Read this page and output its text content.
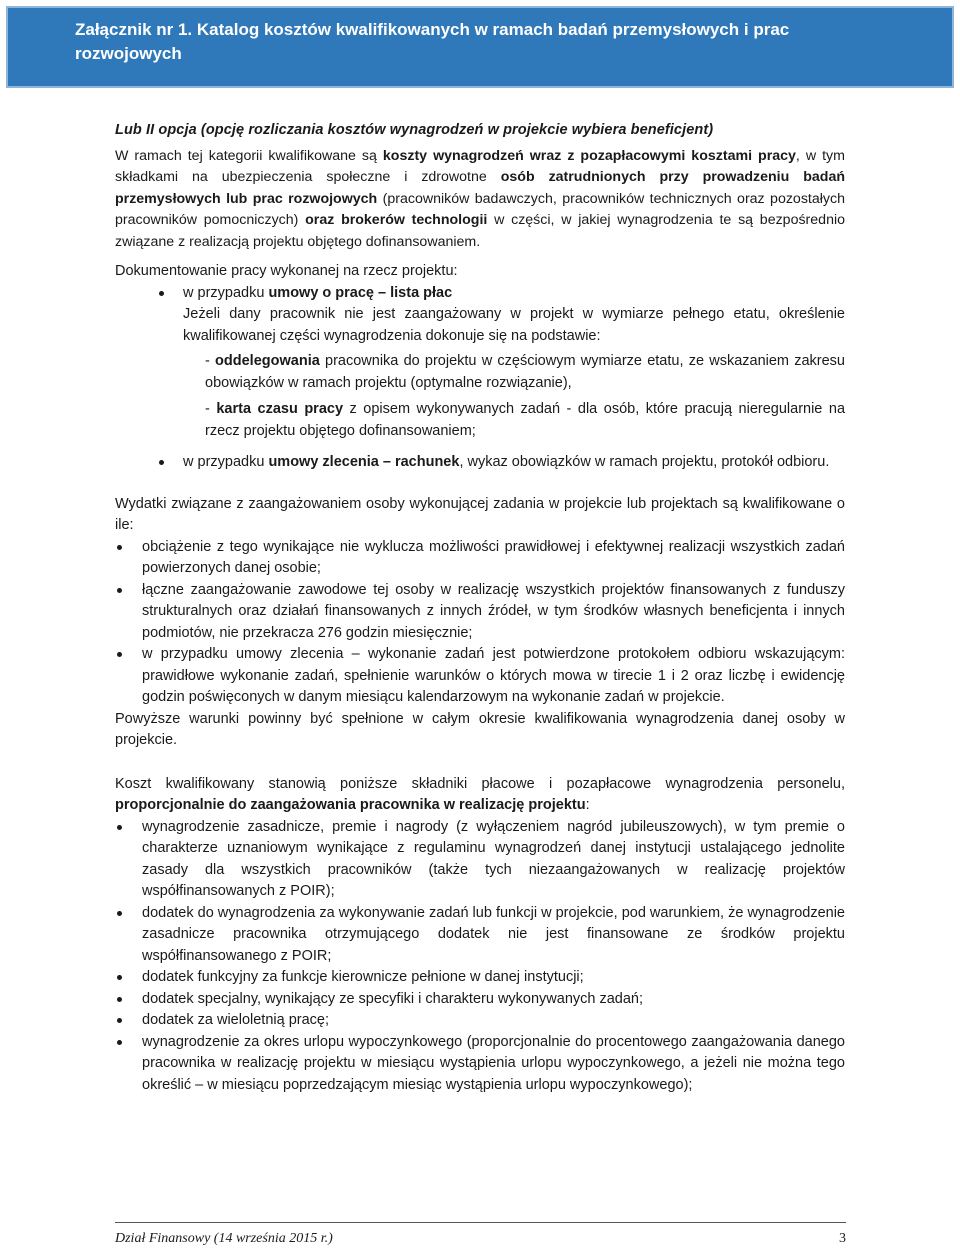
Załącznik nr 1. Katalog kosztów kwalifikowanych w ramach badań przemysłowych i prac rozwojowych

Lub II opcja (opcję rozliczania kosztów wynagrodzeń w projekcie wybiera beneficjent)

W ramach tej kategorii kwalifikowane są koszty wynagrodzeń wraz z pozapłacowymi kosztami pracy, w tym składkami na ubezpieczenia społeczne i zdrowotne osób zatrudnionych przy prowadzeniu badań przemysłowych lub prac rozwojowych (pracowników badawczych, pracowników technicznych oraz pozostałych pracowników pomocniczych) oraz brokerów technologii w części, w jakiej wynagrodzenia te są bezpośrednio związane z realizacją projektu objętego dofinansowaniem.

Dokumentowanie pracy wykonanej na rzecz projektu:

w przypadku umowy o pracę – lista płac
Jeżeli dany pracownik nie jest zaangażowany w projekt w wymiarze pełnego etatu, określenie kwalifikowanej części wynagrodzenia dokonuje się na podstawie:

- oddelegowania pracownika do projektu w częściowym wymiarze etatu, ze wskazaniem zakresu obowiązków w ramach projektu (optymalne rozwiązanie),

- karta czasu pracy z opisem wykonywanych zadań - dla osób, które pracują nieregularnie na rzecz projektu objętego dofinansowaniem;

w przypadku umowy zlecenia – rachunek, wykaz obowiązków w ramach projektu, protokół odbioru.

Wydatki związane z zaangażowaniem osoby wykonującej zadania w projekcie lub projektach są kwalifikowane o ile:

obciążenie z tego wynikające nie wyklucza możliwości prawidłowej i efektywnej realizacji wszystkich zadań powierzonych danej osobie;
łączne zaangażowanie zawodowe tej osoby w realizację wszystkich projektów finansowanych z funduszy strukturalnych oraz działań finansowanych z innych źródeł, w tym środków własnych beneficjenta i innych podmiotów, nie przekracza 276 godzin miesięcznie;
w przypadku umowy zlecenia – wykonanie zadań jest potwierdzone protokołem odbioru wskazującym: prawidłowe wykonanie zadań, spełnienie warunków o których mowa w tirecie 1 i 2 oraz liczbę i ewidencję godzin poświęconych w danym miesiącu kalendarzowym na wykonanie zadań w projekcie.

Powyższe warunki powinny być spełnione w całym okresie kwalifikowania wynagrodzenia danej osoby w projekcie.

Koszt kwalifikowany stanowią poniższe składniki płacowe i pozapłacowe wynagrodzenia personelu, proporcjonalnie do zaangażowania pracownika w realizację projektu:

wynagrodzenie zasadnicze, premie i nagrody (z wyłączeniem nagród jubileuszowych), w tym premie o charakterze uznaniowym wynikające z regulaminu wynagrodzeń danej instytucji ustalającego jednolite zasady dla wszystkich pracowników (także tych niezaangażowanych w realizację projektów współfinansowanych z POIR);
dodatek do wynagrodzenia za wykonywanie zadań lub funkcji w projekcie, pod warunkiem, że wynagrodzenie zasadnicze pracownika otrzymującego dodatek nie jest finansowane ze środków projektu współfinansowanego z POIR;
dodatek funkcyjny za funkcje kierownicze pełnione w danej instytucji;
dodatek specjalny, wynikający ze specyfiki i charakteru wykonywanych zadań;
dodatek za wieloletnią pracę;
wynagrodzenie za okres urlopu wypoczynkowego (proporcjonalnie do procentowego zaangażowania danego pracownika w realizację projektu w miesiącu wystąpienia urlopu wypoczynkowego, a jeżeli nie można tego określić – w miesiącu poprzedzającym miesiąc wystąpienia urlopu wypoczynkowego);
Dział Finansowy (14 września 2015 r.)	3
